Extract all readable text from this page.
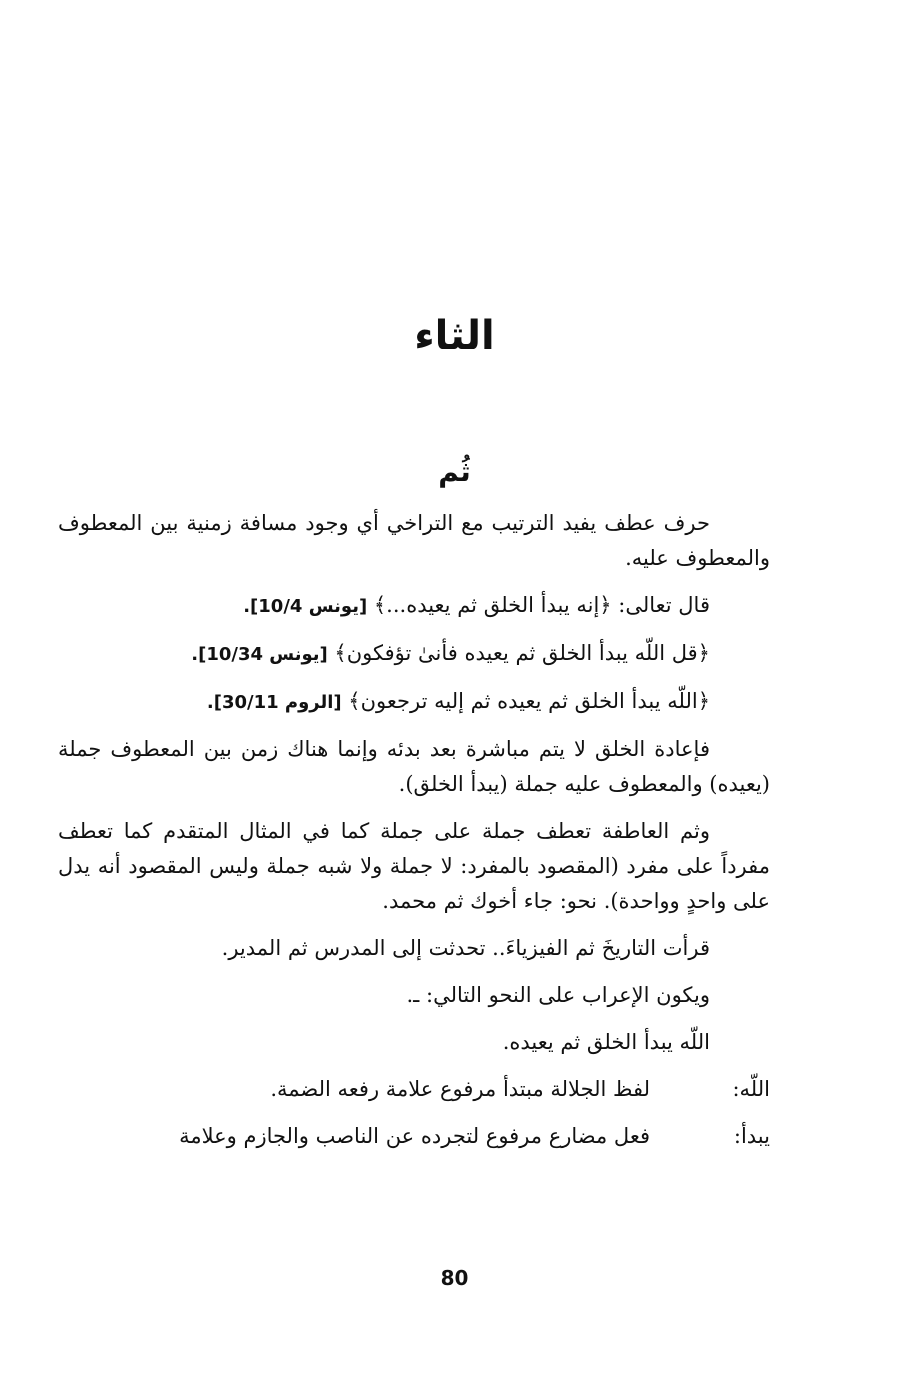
الثاء
ثُم

حرف عطف يفيد الترتيب مع التراخي أي وجود مسافة زمنية بين المعطوف والمعطوف عليه.

قال تعالى: ﴿إنه يبدأ الخلق ثم يعيده...﴾ [يونس 10/4].

﴿قل اللّه يبدأ الخلق ثم يعيده فأنىٰ تؤفكون﴾ [يونس 10/34].

﴿اللّه يبدأ الخلق ثم يعيده ثم إليه ترجعون﴾ [الروم 30/11].

فإعادة الخلق لا يتم مباشرة بعد بدئه وإنما هناك زمن بين المعطوف جملة (يعيده) والمعطوف عليه جملة (يبدأ الخلق).

وثم العاطفة تعطف جملة على جملة كما في المثال المتقدم كما تعطف مفرداً على مفرد (المقصود بالمفرد: لا جملة ولا شبه جملة وليس المقصود أنه يدل على واحدٍ وواحدة). نحو: جاء أخوك ثم محمد.

قرأت التاريخَ ثم الفيزياءَ.. تحدثت إلى المدرس ثم المدير.

ويكون الإعراب على النحو التالي: ـ.

اللّه يبدأ الخلق ثم يعيده.

اللّه:
لفظ الجلالة مبتدأ مرفوع علامة رفعه الضمة.
يبدأ:
فعل مضارع مرفوع لتجرده عن الناصب والجازم وعلامة
80
